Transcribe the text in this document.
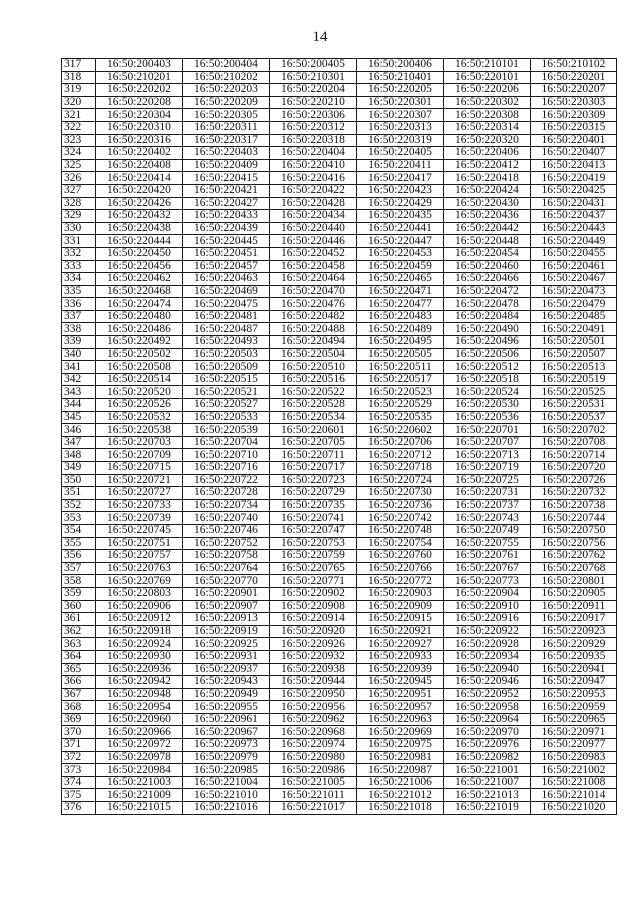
14
317	16:50:200403	16:50:200404	16:50:200405	16:50:200406	16:50:210101	16:50:210102
318	16:50:210201	16:50:210202	16:50:210301	16:50:210401	16:50:220101	16:50:220201
319	16:50:220202	16:50:220203	16:50:220204	16:50:220205	16:50:220206	16:50:220207
320	16:50:220208	16:50:220209	16:50:220210	16:50:220301	16:50:220302	16:50:220303
321	16:50:220304	16:50:220305	16:50:220306	16:50:220307	16:50:220308	16:50:220309
322	16:50:220310	16:50:220311	16:50:220312	16:50:220313	16:50:220314	16:50:220315
323	16:50:220316	16:50:220317	16:50:220318	16:50:220319	16:50:220320	16:50:220401
324	16:50:220402	16:50:220403	16:50:220404	16:50:220405	16:50:220406	16:50:220407
325	16:50:220408	16:50:220409	16:50:220410	16:50:220411	16:50:220412	16:50:220413
326	16:50:220414	16:50:220415	16:50:220416	16:50:220417	16:50:220418	16:50:220419
327	16:50:220420	16:50:220421	16:50:220422	16:50:220423	16:50:220424	16:50:220425
328	16:50:220426	16:50:220427	16:50:220428	16:50:220429	16:50:220430	16:50:220431
329	16:50:220432	16:50:220433	16:50:220434	16:50:220435	16:50:220436	16:50:220437
330	16:50:220438	16:50:220439	16:50:220440	16:50:220441	16:50:220442	16:50:220443
331	16:50:220444	16:50:220445	16:50:220446	16:50:220447	16:50:220448	16:50:220449
332	16:50:220450	16:50:220451	16:50:220452	16:50:220453	16:50:220454	16:50:220455
333	16:50:220456	16:50:220457	16:50:220458	16:50:220459	16:50:220460	16:50:220461
334	16:50:220462	16:50:220463	16:50:220464	16:50:220465	16:50:220466	16:50:220467
335	16:50:220468	16:50:220469	16:50:220470	16:50:220471	16:50:220472	16:50:220473
336	16:50:220474	16:50:220475	16:50:220476	16:50:220477	16:50:220478	16:50:220479
337	16:50:220480	16:50:220481	16:50:220482	16:50:220483	16:50:220484	16:50:220485
338	16:50:220486	16:50:220487	16:50:220488	16:50:220489	16:50:220490	16:50:220491
339	16:50:220492	16:50:220493	16:50:220494	16:50:220495	16:50:220496	16:50:220501
340	16:50:220502	16:50:220503	16:50:220504	16:50:220505	16:50:220506	16:50:220507
341	16:50:220508	16:50:220509	16:50:220510	16:50:220511	16:50:220512	16:50:220513
342	16:50:220514	16:50:220515	16:50:220516	16:50:220517	16:50:220518	16:50:220519
343	16:50:220520	16:50:220521	16:50:220522	16:50:220523	16:50:220524	16:50:220525
344	16:50:220526	16:50:220527	16:50:220528	16:50:220529	16:50:220530	16:50:220531
345	16:50:220532	16:50:220533	16:50:220534	16:50:220535	16:50:220536	16:50:220537
346	16:50:220538	16:50:220539	16:50:220601	16:50:220602	16:50:220701	16:50:220702
347	16:50:220703	16:50:220704	16:50:220705	16:50:220706	16:50:220707	16:50:220708
348	16:50:220709	16:50:220710	16:50:220711	16:50:220712	16:50:220713	16:50:220714
349	16:50:220715	16:50:220716	16:50:220717	16:50:220718	16:50:220719	16:50:220720
350	16:50:220721	16:50:220722	16:50:220723	16:50:220724	16:50:220725	16:50:220726
351	16:50:220727	16:50:220728	16:50:220729	16:50:220730	16:50:220731	16:50:220732
352	16:50:220733	16:50:220734	16:50:220735	16:50:220736	16:50:220737	16:50:220738
353	16:50:220739	16:50:220740	16:50:220741	16:50:220742	16:50:220743	16:50:220744
354	16:50:220745	16:50:220746	16:50:220747	16:50:220748	16:50:220749	16:50:220750
355	16:50:220751	16:50:220752	16:50:220753	16:50:220754	16:50:220755	16:50:220756
356	16:50:220757	16:50:220758	16:50:220759	16:50:220760	16:50:220761	16:50:220762
357	16:50:220763	16:50:220764	16:50:220765	16:50:220766	16:50:220767	16:50:220768
358	16:50:220769	16:50:220770	16:50:220771	16:50:220772	16:50:220773	16:50:220801
359	16:50:220803	16:50:220901	16:50:220902	16:50:220903	16:50:220904	16:50:220905
360	16:50:220906	16:50:220907	16:50:220908	16:50:220909	16:50:220910	16:50:220911
361	16:50:220912	16:50:220913	16:50:220914	16:50:220915	16:50:220916	16:50:220917
362	16:50:220918	16:50:220919	16:50:220920	16:50:220921	16:50:220922	16:50:220923
363	16:50:220924	16:50:220925	16:50:220926	16:50:220927	16:50:220928	16:50:220929
364	16:50:220930	16:50:220931	16:50:220932	16:50:220933	16:50:220934	16:50:220935
365	16:50:220936	16:50:220937	16:50:220938	16:50:220939	16:50:220940	16:50:220941
366	16:50:220942	16:50:220943	16:50:220944	16:50:220945	16:50:220946	16:50:220947
367	16:50:220948	16:50:220949	16:50:220950	16:50:220951	16:50:220952	16:50:220953
368	16:50:220954	16:50:220955	16:50:220956	16:50:220957	16:50:220958	16:50:220959
369	16:50:220960	16:50:220961	16:50:220962	16:50:220963	16:50:220964	16:50:220965
370	16:50:220966	16:50:220967	16:50:220968	16:50:220969	16:50:220970	16:50:220971
371	16:50:220972	16:50:220973	16:50:220974	16:50:220975	16:50:220976	16:50:220977
372	16:50:220978	16:50:220979	16:50:220980	16:50:220981	16:50:220982	16:50:220983
373	16:50:220984	16:50:220985	16:50:220986	16:50:220987	16:50:221001	16:50:221002
374	16:50:221003	16:50:221004	16:50:221005	16:50:221006	16:50:221007	16:50:221008
375	16:50:221009	16:50:221010	16:50:221011	16:50:221012	16:50:221013	16:50:221014
376	16:50:221015	16:50:221016	16:50:221017	16:50:221018	16:50:221019	16:50:221020
